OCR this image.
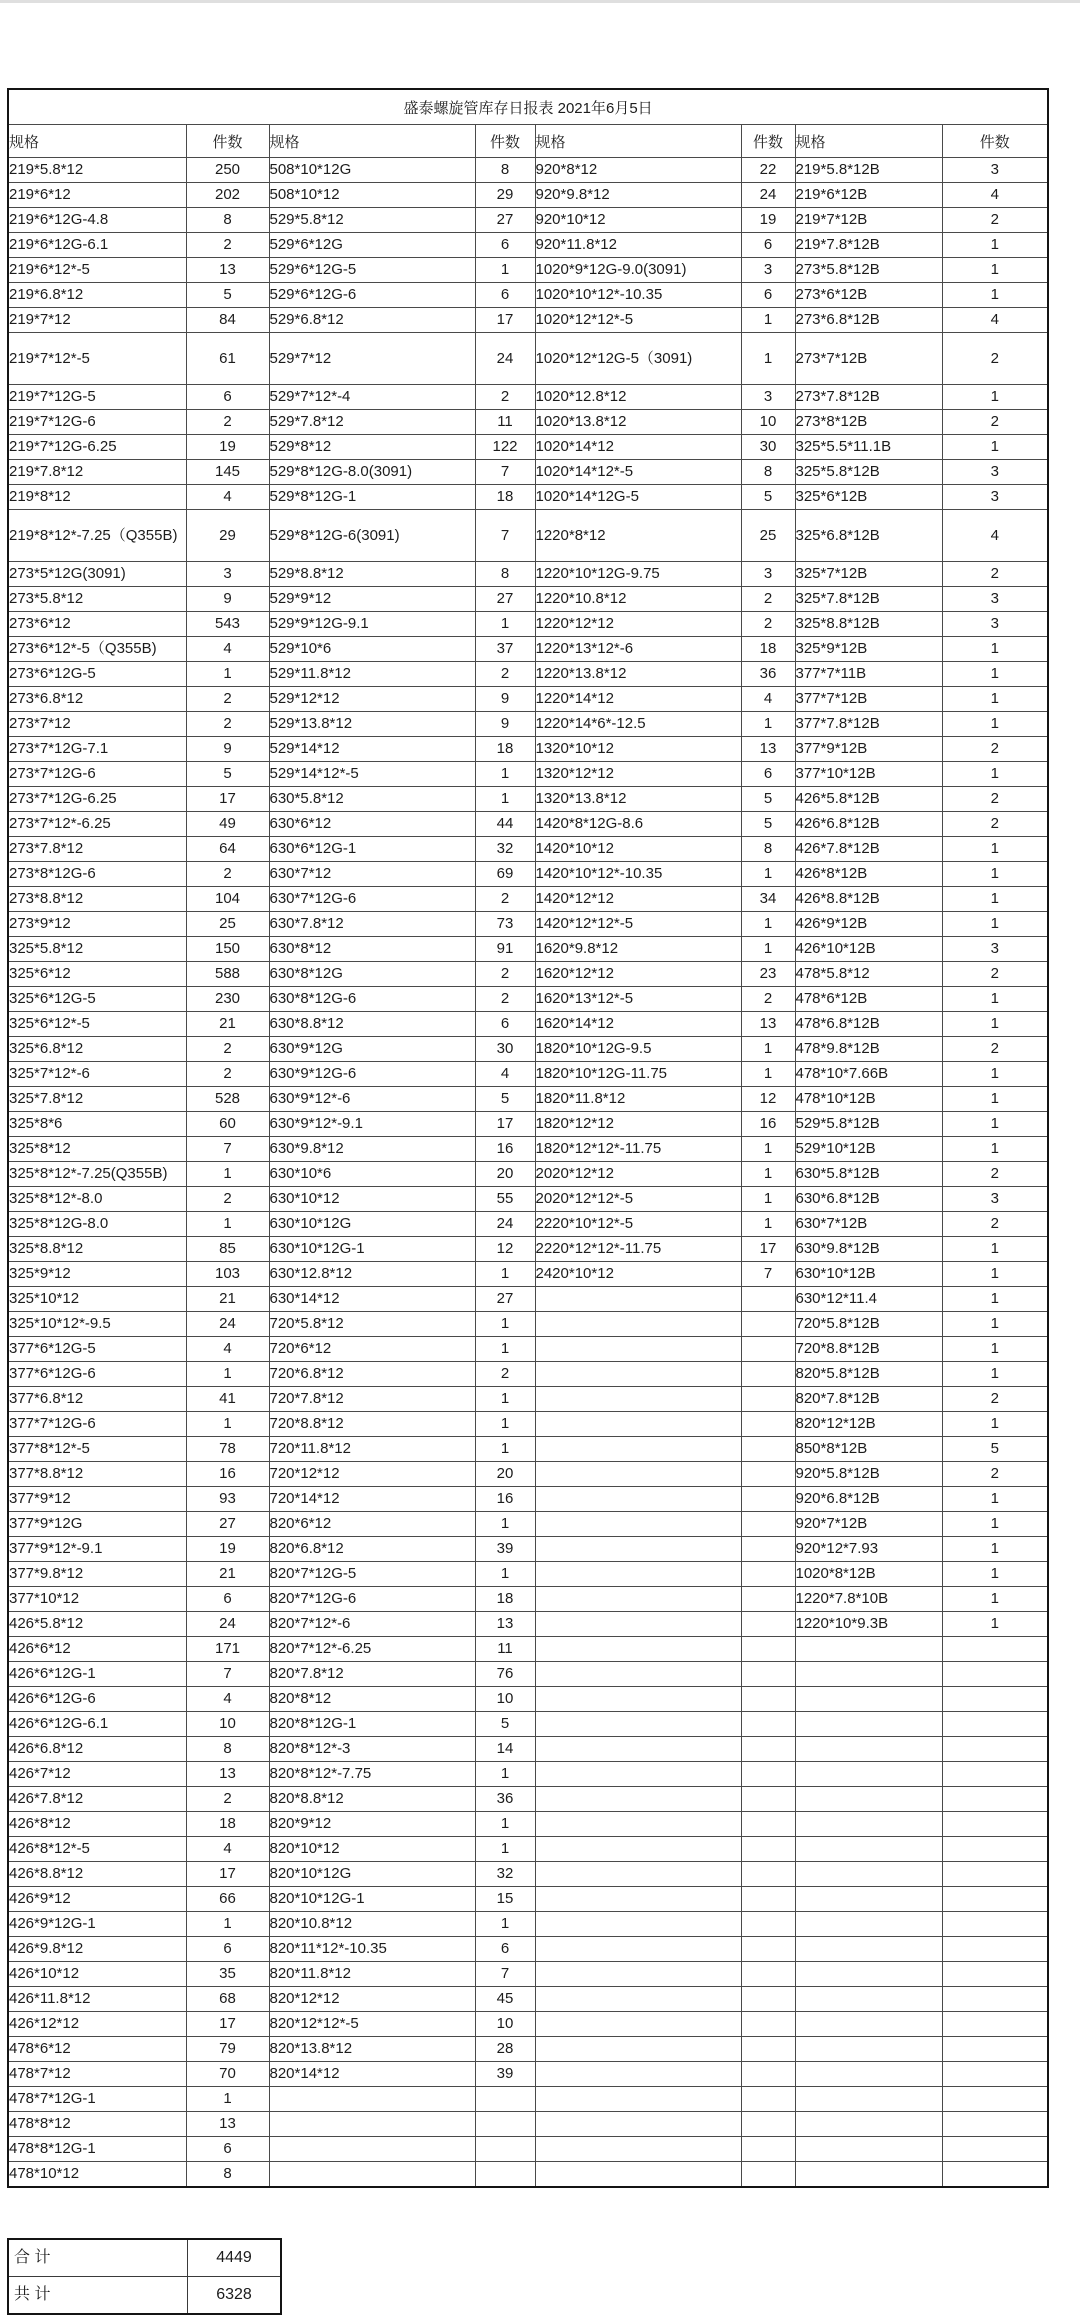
盛泰螺旋管库存日报表 2021年6月5日							
规格	件数	规格	件数	规格	件数	规格	件数
219*5.8*12	250	508*10*12G	8	920*8*12	22	219*5.8*12B	3
219*6*12	202	508*10*12	29	920*9.8*12	24	219*6*12B	4
219*6*12G-4.8	8	529*5.8*12	27	920*10*12	19	219*7*12B	2
219*6*12G-6.1	2	529*6*12G	6	920*11.8*12	6	219*7.8*12B	1
219*6*12*-5	13	529*6*12G-5	1	1020*9*12G-9.0(3091)	3	273*5.8*12B	1
219*6.8*12	5	529*6*12G-6	6	1020*10*12*-10.35	6	273*6*12B	1
219*7*12	84	529*6.8*12	17	1020*12*12*-5	1	273*6.8*12B	4
219*7*12*-5	61	529*7*12	24	1020*12*12G-5（3091)	1	273*7*12B	2
219*7*12G-5	6	529*7*12*-4	2	1020*12.8*12	3	273*7.8*12B	1
219*7*12G-6	2	529*7.8*12	11	1020*13.8*12	10	273*8*12B	2
219*7*12G-6.25	19	529*8*12	122	1020*14*12	30	325*5.5*11.1B	1
219*7.8*12	145	529*8*12G-8.0(3091)	7	1020*14*12*-5	8	325*5.8*12B	3
219*8*12	4	529*8*12G-1	18	1020*14*12G-5	5	325*6*12B	3
219*8*12*-7.25（Q355B)	29	529*8*12G-6(3091)	7	1220*8*12	25	325*6.8*12B	4
273*5*12G(3091)	3	529*8.8*12	8	1220*10*12G-9.75	3	325*7*12B	2
273*5.8*12	9	529*9*12	27	1220*10.8*12	2	325*7.8*12B	3
273*6*12	543	529*9*12G-9.1	1	1220*12*12	2	325*8.8*12B	3
273*6*12*-5（Q355B)	4	529*10*6	37	1220*13*12*-6	18	325*9*12B	1
273*6*12G-5	1	529*11.8*12	2	1220*13.8*12	36	377*7*11B	1
273*6.8*12	2	529*12*12	9	1220*14*12	4	377*7*12B	1
273*7*12	2	529*13.8*12	9	1220*14*6*-12.5	1	377*7.8*12B	1
273*7*12G-7.1	9	529*14*12	18	1320*10*12	13	377*9*12B	2
273*7*12G-6	5	529*14*12*-5	1	1320*12*12	6	377*10*12B	1
273*7*12G-6.25	17	630*5.8*12	1	1320*13.8*12	5	426*5.8*12B	2
273*7*12*-6.25	49	630*6*12	44	1420*8*12G-8.6	5	426*6.8*12B	2
273*7.8*12	64	630*6*12G-1	32	1420*10*12	8	426*7.8*12B	1
273*8*12G-6	2	630*7*12	69	1420*10*12*-10.35	1	426*8*12B	1
273*8.8*12	104	630*7*12G-6	2	1420*12*12	34	426*8.8*12B	1
273*9*12	25	630*7.8*12	73	1420*12*12*-5	1	426*9*12B	1
325*5.8*12	150	630*8*12	91	1620*9.8*12	1	426*10*12B	3
325*6*12	588	630*8*12G	2	1620*12*12	23	478*5.8*12	2
325*6*12G-5	230	630*8*12G-6	2	1620*13*12*-5	2	478*6*12B	1
325*6*12*-5	21	630*8.8*12	6	1620*14*12	13	478*6.8*12B	1
325*6.8*12	2	630*9*12G	30	1820*10*12G-9.5	1	478*9.8*12B	2
325*7*12*-6	2	630*9*12G-6	4	1820*10*12G-11.75	1	478*10*7.66B	1
325*7.8*12	528	630*9*12*-6	5	1820*11.8*12	12	478*10*12B	1
325*8*6	60	630*9*12*-9.1	17	1820*12*12	16	529*5.8*12B	1
325*8*12	7	630*9.8*12	16	1820*12*12*-11.75	1	529*10*12B	1
325*8*12*-7.25(Q355B)	1	630*10*6	20	2020*12*12	1	630*5.8*12B	2
325*8*12*-8.0	2	630*10*12	55	2020*12*12*-5	1	630*6.8*12B	3
325*8*12G-8.0	1	630*10*12G	24	2220*10*12*-5	1	630*7*12B	2
325*8.8*12	85	630*10*12G-1	12	2220*12*12*-11.75	17	630*9.8*12B	1
325*9*12	103	630*12.8*12	1	2420*10*12	7	630*10*12B	1
325*10*12	21	630*14*12	27			630*12*11.4	1
325*10*12*-9.5	24	720*5.8*12	1			720*5.8*12B	1
377*6*12G-5	4	720*6*12	1			720*8.8*12B	1
377*6*12G-6	1	720*6.8*12	2			820*5.8*12B	1
377*6.8*12	41	720*7.8*12	1			820*7.8*12B	2
377*7*12G-6	1	720*8.8*12	1			820*12*12B	1
377*8*12*-5	78	720*11.8*12	1			850*8*12B	5
377*8.8*12	16	720*12*12	20			920*5.8*12B	2
377*9*12	93	720*14*12	16			920*6.8*12B	1
377*9*12G	27	820*6*12	1			920*7*12B	1
377*9*12*-9.1	19	820*6.8*12	39			920*12*7.93	1
377*9.8*12	21	820*7*12G-5	1			1020*8*12B	1
377*10*12	6	820*7*12G-6	18			1220*7.8*10B	1
426*5.8*12	24	820*7*12*-6	13			1220*10*9.3B	1
426*6*12	171	820*7*12*-6.25	11				
426*6*12G-1	7	820*7.8*12	76				
426*6*12G-6	4	820*8*12	10				
426*6*12G-6.1	10	820*8*12G-1	5				
426*6.8*12	8	820*8*12*-3	14				
426*7*12	13	820*8*12*-7.75	1				
426*7.8*12	2	820*8.8*12	36				
426*8*12	18	820*9*12	1				
426*8*12*-5	4	820*10*12	1				
426*8.8*12	17	820*10*12G	32				
426*9*12	66	820*10*12G-1	15				
426*9*12G-1	1	820*10.8*12	1				
426*9.8*12	6	820*11*12*-10.35	6				
426*10*12	35	820*11.8*12	7				
426*11.8*12	68	820*12*12	45				
426*12*12	17	820*12*12*-5	10				
478*6*12	79	820*13.8*12	28				
478*7*12	70	820*14*12	39				
478*7*12G-1	1						
478*8*12	13						
478*8*12G-1	6						
478*10*12	8						
合 计	4449
共 计	6328
